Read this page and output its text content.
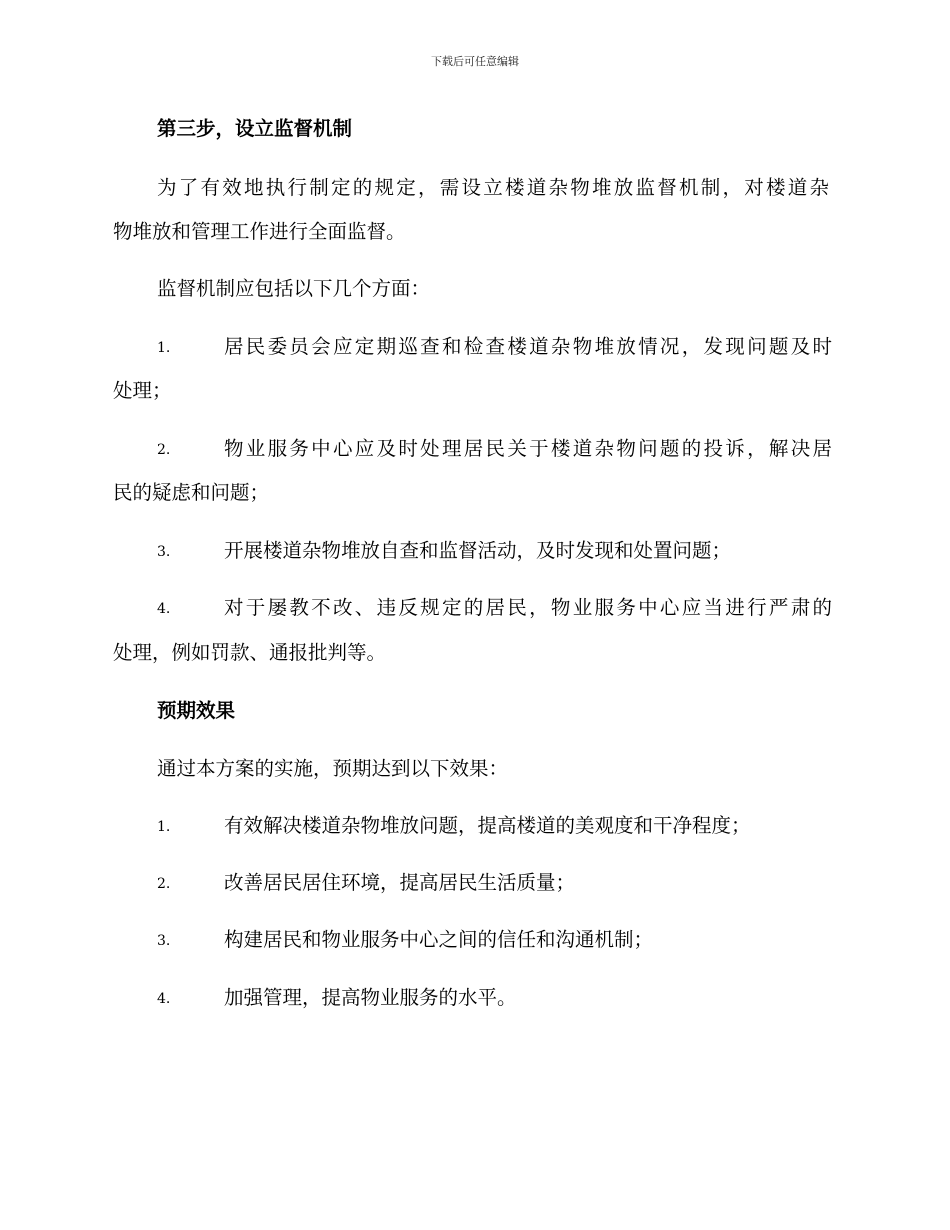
下载后可任意编辑
第三步，设立监督机制
为了有效地执行制定的规定，需设立楼道杂物堆放监督机制，对楼道杂
物堆放和管理工作进行全面监督。
监督机制应包括以下几个方面：
1.	居民委员会应定期巡查和检查楼道杂物堆放情况，发现问题及时
处理；
2.	物业服务中心应及时处理居民关于楼道杂物问题的投诉，解决居
民的疑虑和问题；
3.	开展楼道杂物堆放自查和监督活动，及时发现和处置问题；
4.	对于屡教不改、违反规定的居民，物业服务中心应当进行严肃的
处理，例如罚款、通报批判等。
预期效果
通过本方案的实施，预期达到以下效果：
1.	有效解决楼道杂物堆放问题，提高楼道的美观度和干净程度；
2.	改善居民居住环境，提高居民生活质量；
3.	构建居民和物业服务中心之间的信任和沟通机制；
4.	加强管理，提高物业服务的水平。
